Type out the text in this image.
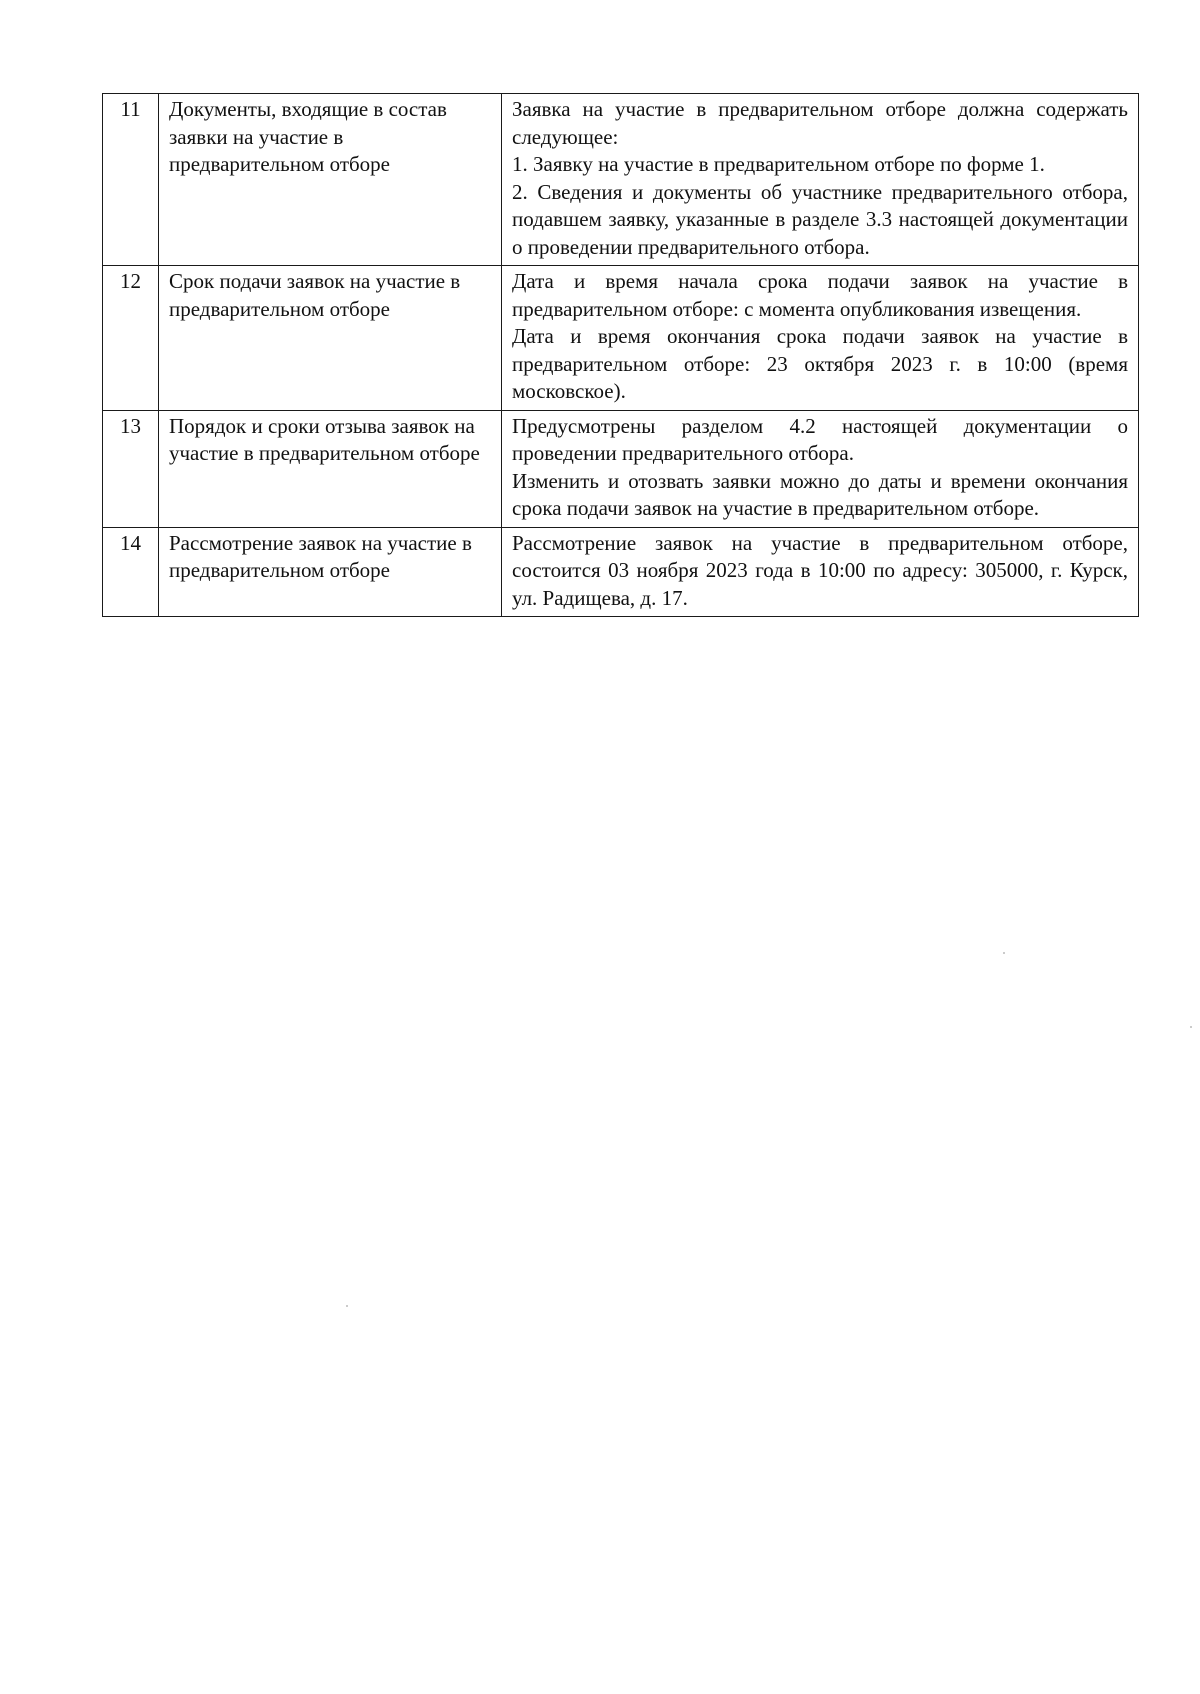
11	Документы, входящие в состав заявки на участие в предварительном отборе	Заявка на участие в предварительном отборе должна содержать следующее:

1. Заявку на участие в предварительном отборе по форме 1.

2. Сведения и документы об участнике предварительного отбора, подавшем заявку, указанные в разделе 3.3 настоящей документации о проведении предварительного отбора.

12	Срок подачи заявок на участие в предварительном отборе	Дата и время начала срока подачи заявок на участие в предварительном отборе: с момента опубликования извещения.

Дата и время окончания срока подачи заявок на участие в предварительном отборе: 23 октября 2023 г. в 10:00 (время московское).

13	Порядок и сроки отзыва заявок на участие в предварительном отборе	Предусмотрены разделом 4.2 настоящей документации о проведении предварительного отбора.

Изменить и отозвать заявки можно до даты и времени окончания срока подачи заявок на участие в предварительном отборе.

14	Рассмотрение заявок на участие в предварительном отборе	Рассмотрение заявок на участие в предварительном отборе, состоится 03 ноября 2023 года в 10:00 по адресу: 305000, г. Курск, ул. Радищева, д. 17.
